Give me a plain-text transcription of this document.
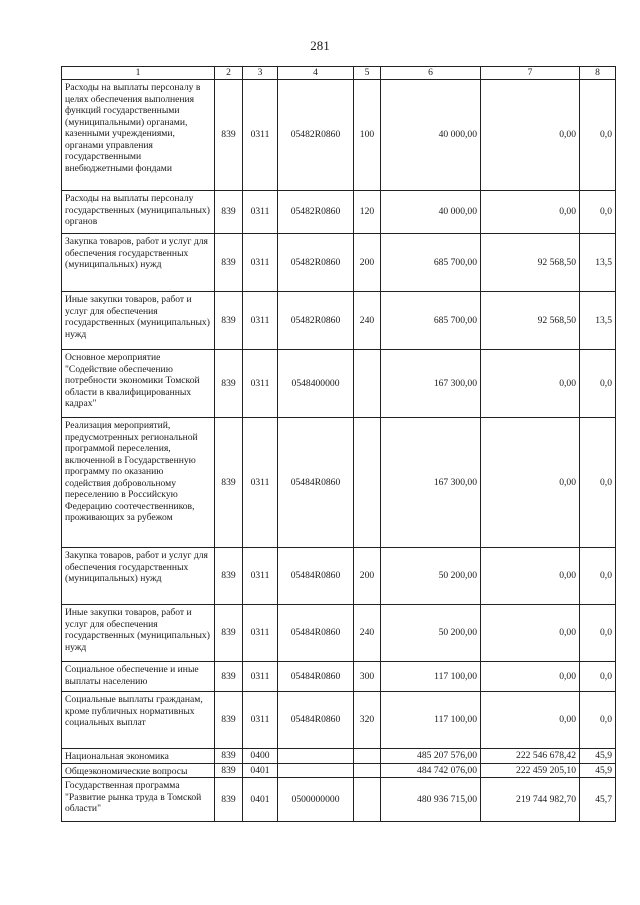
281
1	2	3	4	5	6	7	8
Расходы на выплаты персоналу в целях обеспечения выполнения функций государственными (муниципальными) органами, казенными учреждениями, органами управления государственными внебюджетными фондами	839	0311	05482R0860	100	40 000,00	0,00	0,0
Расходы на выплаты персоналу государственных (муниципальных) органов	839	0311	05482R0860	120	40 000,00	0,00	0,0
Закупка товаров, работ и услуг для обеспечения государственных (муниципальных) нужд	839	0311	05482R0860	200	685 700,00	92 568,50	13,5
Иные закупки товаров, работ и услуг для обеспечения государственных (муниципальных) нужд	839	0311	05482R0860	240	685 700,00	92 568,50	13,5
Основное мероприятие "Содействие обеспечению потребности экономики Томской области в квалифицированных кадрах"	839	0311	0548400000		167 300,00	0,00	0,0
Реализация мероприятий, предусмотренных региональной программой переселения, включенной в Государственную программу по оказанию содействия добровольному переселению в Российскую Федерацию соотечественников, проживающих за рубежом	839	0311	05484R0860		167 300,00	0,00	0,0
Закупка товаров, работ и услуг для обеспечения государственных (муниципальных) нужд	839	0311	05484R0860	200	50 200,00	0,00	0,0
Иные закупки товаров, работ и услуг для обеспечения государственных (муниципальных) нужд	839	0311	05484R0860	240	50 200,00	0,00	0,0
Социальное обеспечение и иные выплаты населению	839	0311	05484R0860	300	117 100,00	0,00	0,0
Социальные выплаты гражданам, кроме публичных нормативных социальных выплат	839	0311	05484R0860	320	117 100,00	0,00	0,0
Национальная экономика	839	0400			485 207 576,00	222 546 678,42	45,9
Общеэкономические вопросы	839	0401			484 742 076,00	222 459 205,10	45,9
Государственная программа "Развитие рынка труда в Томской области"	839	0401	0500000000		480 936 715,00	219 744 982,70	45,7
